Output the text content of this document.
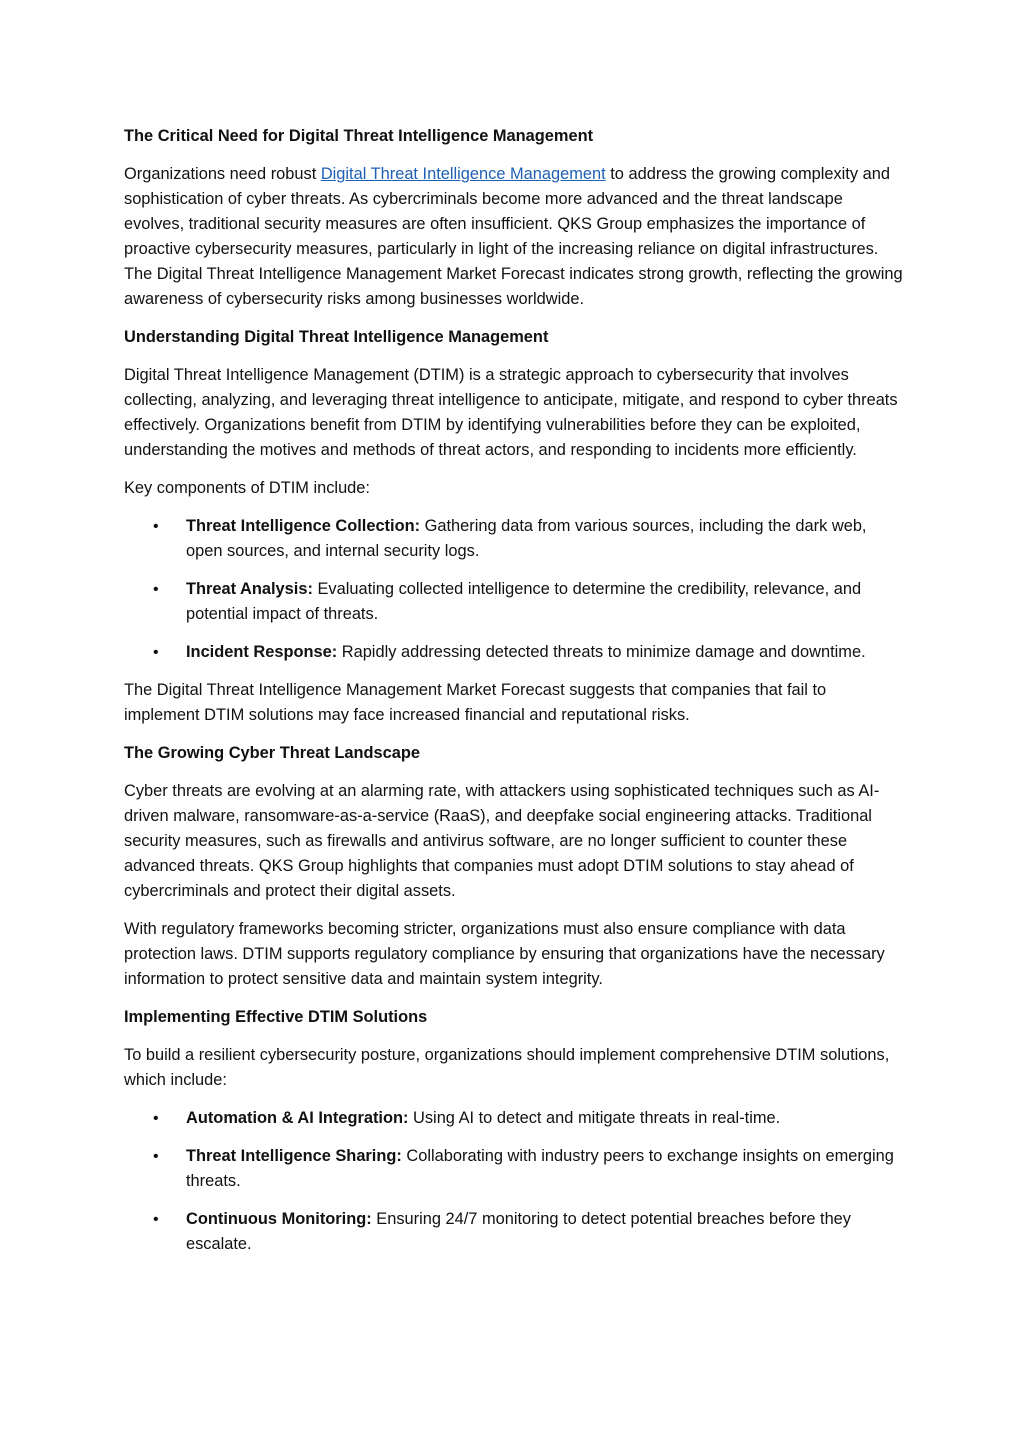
The Critical Need for Digital Threat Intelligence Management

Organizations need robust Digital Threat Intelligence Management to address the growing complexity and sophistication of cyber threats. As cybercriminals become more advanced and the threat landscape evolves, traditional security measures are often insufficient. QKS Group emphasizes the importance of proactive cybersecurity measures, particularly in light of the increasing reliance on digital infrastructures. The Digital Threat Intelligence Management Market Forecast indicates strong growth, reflecting the growing awareness of cybersecurity risks among businesses worldwide.

Understanding Digital Threat Intelligence Management

Digital Threat Intelligence Management (DTIM) is a strategic approach to cybersecurity that involves collecting, analyzing, and leveraging threat intelligence to anticipate, mitigate, and respond to cyber threats effectively. Organizations benefit from DTIM by identifying vulnerabilities before they can be exploited, understanding the motives and methods of threat actors, and responding to incidents more efficiently.

Key components of DTIM include:

• Threat Intelligence Collection: Gathering data from various sources, including the dark web, open sources, and internal security logs.
• Threat Analysis: Evaluating collected intelligence to determine the credibility, relevance, and potential impact of threats.
• Incident Response: Rapidly addressing detected threats to minimize damage and downtime.

The Digital Threat Intelligence Management Market Forecast suggests that companies that fail to implement DTIM solutions may face increased financial and reputational risks.

The Growing Cyber Threat Landscape

Cyber threats are evolving at an alarming rate, with attackers using sophisticated techniques such as AI-driven malware, ransomware-as-a-service (RaaS), and deepfake social engineering attacks. Traditional security measures, such as firewalls and antivirus software, are no longer sufficient to counter these advanced threats. QKS Group highlights that companies must adopt DTIM solutions to stay ahead of cybercriminals and protect their digital assets.

With regulatory frameworks becoming stricter, organizations must also ensure compliance with data protection laws. DTIM supports regulatory compliance by ensuring that organizations have the necessary information to protect sensitive data and maintain system integrity.

Implementing Effective DTIM Solutions

To build a resilient cybersecurity posture, organizations should implement comprehensive DTIM solutions, which include:

• Automation & AI Integration: Using AI to detect and mitigate threats in real-time.
• Threat Intelligence Sharing: Collaborating with industry peers to exchange insights on emerging threats.
• Continuous Monitoring: Ensuring 24/7 monitoring to detect potential breaches before they escalate.
